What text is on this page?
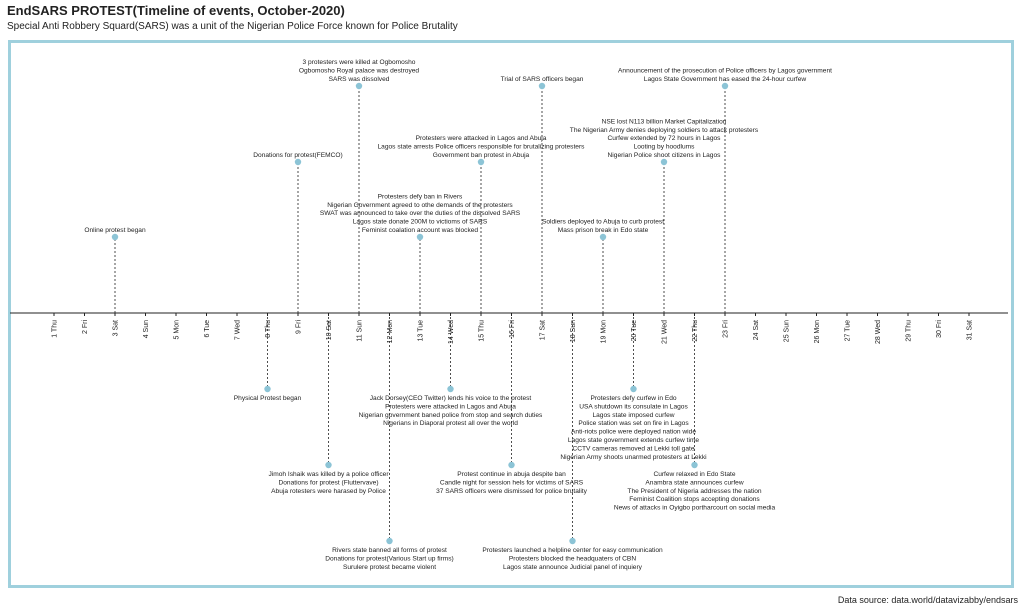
EndSARS PROTEST(Timeline of events, October-2020)
Special Anti Robbery Squard(SARS) was a unit of the Nigerian Police Force known for Police Brutality
1 Thu	2 Fri	3 Sat	4 Sun	5 Mon	6 Tue	7 Wed	8 Thu	9 Fri	10 Sat	11 Sun	12 Mon	13 Tue	14 Wed	15 Thu	16 Fri	17 Sat	18 Sun	19 Mon	20 Tue	21 Wed	22 Thu	23 Fri	24 Sat	25 Sun	26 Mon	27 Tue	28 Wed	29 Thu	30 Fri	31 Sat
Online protest began
Physical Protest began
Donations for protest(FEMCO)
Jimoh Ishaik was killed by a police officer
Donations for protest (Fluttervave)
Abuja rotesters were harased by Police
3 protesters were killed at Ogbomosho
Ogbomosho Royal palace was destroyed
SARS was dissolved
Rivers state banned all forms of protest
Donations for protest(Various Start up firms)
Surulere protest became violent
Protesters defy ban in Rivers
Nigerian Government agreed to othe demands of the protesters
SWAT was announced to take over the duties of the dissolved SARS
Lagos state donate 200M to victioms of SARS
Feminist coalation account was blocked
Jack Dorsey(CEO Twitter) lends his voice to the protest
Protesters were attacked in Lagos and Abuja
Nigerian government baned police from stop and search duties
Nigerians in Diaporal protest all over the world
Protesters were attacked in Lagos and Abuja
Lagos state arrests Police officers responsible for brutalizing protesters
Government ban protest in Abuja
Protest continue in abuja despite ban
Candle night for session hels for victims of SARS
37 SARS officers were dismissed for police brutality
Trial of SARS officers began
Protesters launched a helpline center for easy communication
Protesters blocked the headquaters of CBN
Lagos state announce Judicial panel of inquiery
Soldiers deployed to Abuja to curb protest
Mass prison break in Edo state
Protesters defy curfew in Edo
USA shutdown its consulate in Lagos
Lagos state imposed curfew
Police station was set on fire in Lagos
Anti-riots police were deployed nation wide
Lagos state government extends curfew time
CCTV cameras removed at Lekki toll gate
Nigerian Army shoots unarmed protesters at Lekki
NSE lost N113 billion Market Capitalization
The Nigerian Army denies deploying soldiers to attack protesters
Curfew extended by 72 hours in Lagos
Looting by hoodlums
Nigerian Police shoot citizens in Lagos
Curfew relaxed in Edo State
Anambra state announces curfew
The President of Nigeria addresses the nation
Feminist Coalition stops accepting donations
News of attacks in Oyigbo portharcourt on social media
Announcement of the prosecution of Police officers by Lagos government
Lagos State Government has eased the 24-hour curfew
Data source: data.world/datavizabby/endsars
